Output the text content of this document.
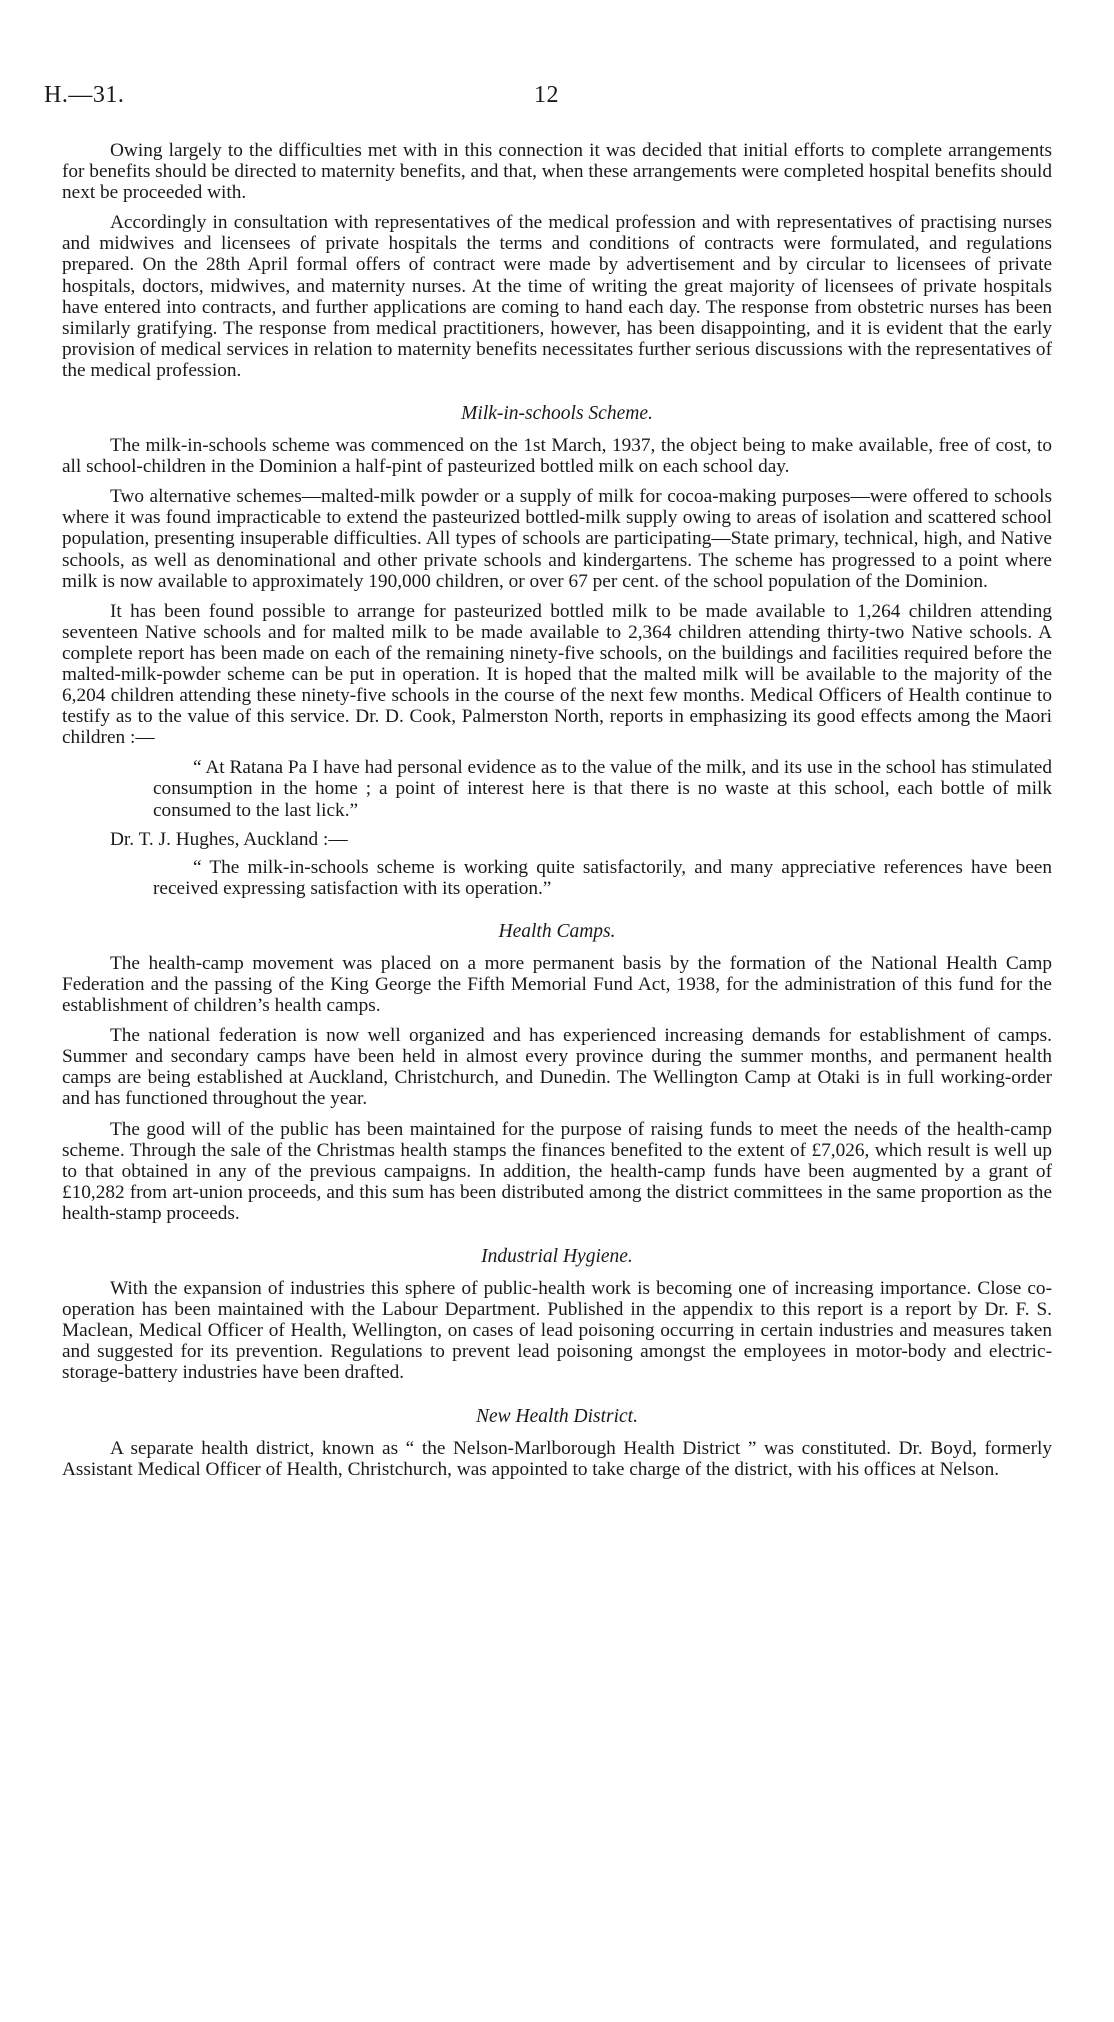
H.—31.	12

Owing largely to the difficulties met with in this connection it was decided that initial efforts to complete arrangements for benefits should be directed to maternity benefits, and that, when these arrangements were completed hospital benefits should next be proceeded with.

Accordingly in consultation with representatives of the medical profession and with representatives of practising nurses and midwives and licensees of private hospitals the terms and conditions of contracts were formulated, and regulations prepared. On the 28th April formal offers of contract were made by advertisement and by circular to licensees of private hospitals, doctors, midwives, and maternity nurses. At the time of writing the great majority of licensees of private hospitals have entered into contracts, and further applications are coming to hand each day. The response from obstetric nurses has been similarly gratifying. The response from medical practitioners, however, has been disappointing, and it is evident that the early provision of medical services in relation to maternity benefits necessitates further serious discussions with the representatives of the medical profession.

Milk-in-schools Scheme.

The milk-in-schools scheme was commenced on the 1st March, 1937, the object being to make available, free of cost, to all school-children in the Dominion a half-pint of pasteurized bottled milk on each school day.

Two alternative schemes—malted-milk powder or a supply of milk for cocoa-making purposes—were offered to schools where it was found impracticable to extend the pasteurized bottled-milk supply owing to areas of isolation and scattered school population, presenting insuperable difficulties. All types of schools are participating—State primary, technical, high, and Native schools, as well as denominational and other private schools and kindergartens. The scheme has progressed to a point where milk is now available to approximately 190,000 children, or over 67 per cent. of the school population of the Dominion.

It has been found possible to arrange for pasteurized bottled milk to be made available to 1,264 children attending seventeen Native schools and for malted milk to be made available to 2,364 children attending thirty-two Native schools. A complete report has been made on each of the remaining ninety-five schools, on the buildings and facilities required before the malted-milk-powder scheme can be put in operation. It is hoped that the malted milk will be available to the majority of the 6,204 children attending these ninety-five schools in the course of the next few months. Medical Officers of Health continue to testify as to the value of this service. Dr. D. Cook, Palmerston North, reports in emphasizing its good effects among the Maori children :—

“ At Ratana Pa I have had personal evidence as to the value of the milk, and its use in the school has stimulated consumption in the home ; a point of interest here is that there is no waste at this school, each bottle of milk consumed to the last lick.”

Dr. T. J. Hughes, Auckland :—

“ The milk-in-schools scheme is working quite satisfactorily, and many appreciative references have been received expressing satisfaction with its operation.”

Health Camps.

The health-camp movement was placed on a more permanent basis by the formation of the National Health Camp Federation and the passing of the King George the Fifth Memorial Fund Act, 1938, for the administration of this fund for the establishment of children’s health camps.

The national federation is now well organized and has experienced increasing demands for establishment of camps. Summer and secondary camps have been held in almost every province during the summer months, and permanent health camps are being established at Auckland, Christchurch, and Dunedin. The Wellington Camp at Otaki is in full working-order and has functioned throughout the year.

The good will of the public has been maintained for the purpose of raising funds to meet the needs of the health-camp scheme. Through the sale of the Christmas health stamps the finances benefited to the extent of £7,026, which result is well up to that obtained in any of the previous campaigns. In addition, the health-camp funds have been augmented by a grant of £10,282 from art-union proceeds, and this sum has been distributed among the district committees in the same proportion as the health-stamp proceeds.

Industrial Hygiene.

With the expansion of industries this sphere of public-health work is becoming one of increasing importance. Close co-operation has been maintained with the Labour Department. Published in the appendix to this report is a report by Dr. F. S. Maclean, Medical Officer of Health, Wellington, on cases of lead poisoning occurring in certain industries and measures taken and suggested for its prevention. Regulations to prevent lead poisoning amongst the employees in motor-body and electric-storage-battery industries have been drafted.

New Health District.

A separate health district, known as “ the Nelson-Marlborough Health District ” was constituted. Dr. Boyd, formerly Assistant Medical Officer of Health, Christchurch, was appointed to take charge of the district, with his offices at Nelson.
